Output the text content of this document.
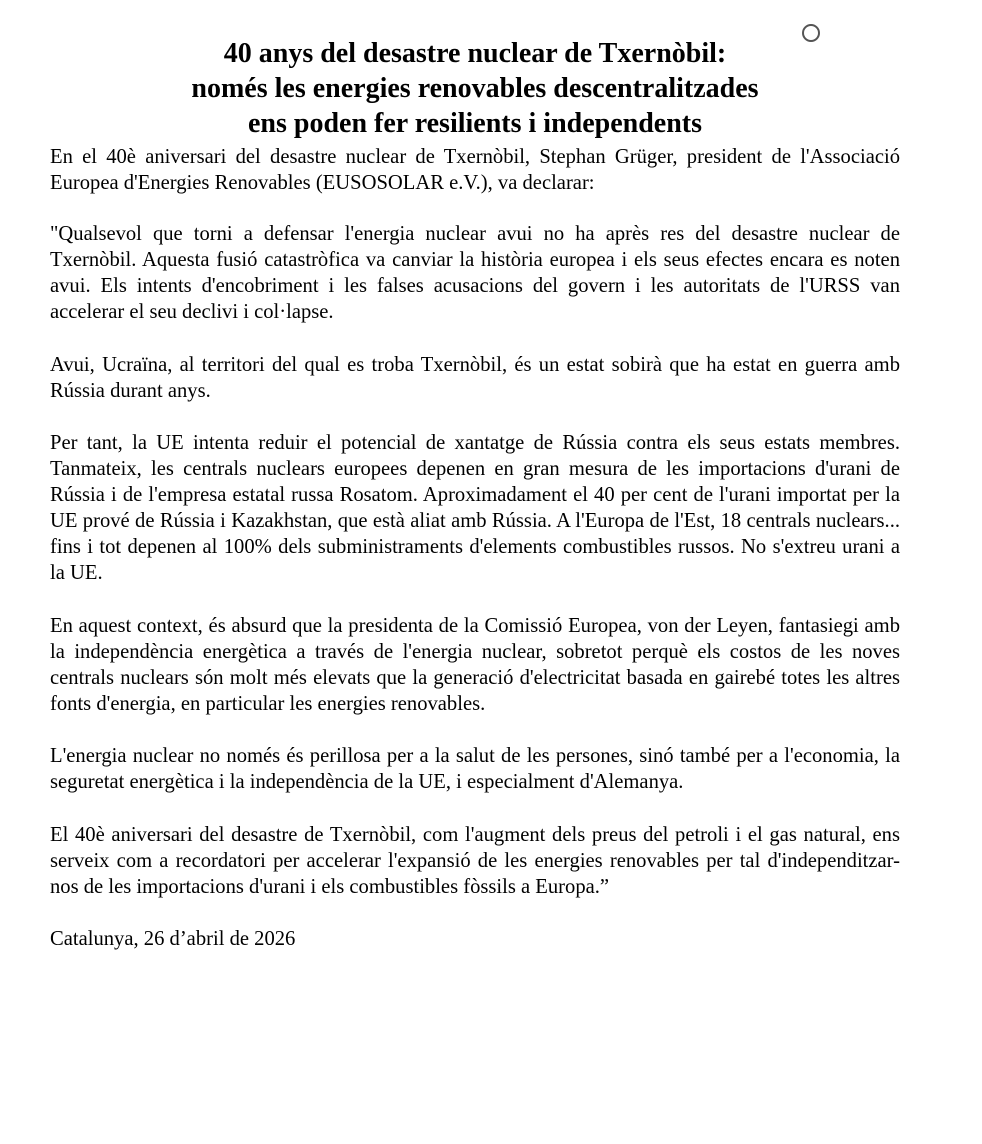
40 anys del desastre nuclear de Txernòbil:
només les energies renovables descentralitzades
ens poden fer resilients i independents

En el 40è aniversari del desastre nuclear de Txernòbil, Stephan Grüger, president de l'Associació Europea d'Energies Renovables (EUSOSOLAR e.V.), va declarar:

"Qualsevol que torni a defensar l'energia nuclear avui no ha après res del desastre nuclear de Txernòbil. Aquesta fusió catastròfica va canviar la història europea i els seus efectes encara es noten avui. Els intents d'encobriment i les falses acusacions del govern i les autoritats de l'URSS van accelerar el seu declivi i col·lapse.

Avui, Ucraïna, al territori del qual es troba Txernòbil, és un estat sobirà que ha estat en guerra amb Rússia durant anys.

Per tant, la UE intenta reduir el potencial de xantatge de Rússia contra els seus estats membres. Tanmateix, les centrals nuclears europees depenen en gran mesura de les importacions d'urani de Rússia i de l'empresa estatal russa Rosatom. Aproximadament el 40 per cent de l'urani importat per la UE prové de Rússia i Kazakhstan, que està aliat amb Rússia. A l'Europa de l'Est, 18 centrals nuclears... fins i tot depenen al 100% dels subministraments d'elements combustibles russos. No s'extreu urani a la UE.

En aquest context, és absurd que la presidenta de la Comissió Europea, von der Leyen, fantasiegi amb la independència energètica a través de l'energia nuclear, sobretot perquè els costos de les noves centrals nuclears són molt més elevats que la generació d'electricitat basada en gairebé totes les altres fonts d'energia, en particular les energies renovables.

L'energia nuclear no només és perillosa per a la salut de les persones, sinó també per a l'economia, la seguretat energètica i la independència de la UE, i especialment d'Alemanya.

El 40è aniversari del desastre de Txernòbil, com l'augment dels preus del petroli i el gas natural, ens serveix com a recordatori per accelerar l'expansió de les energies renovables per tal d'independitzar-nos de les importacions d'urani i els combustibles fòssils a Europa.”

Catalunya, 26 d’abril de 2026
